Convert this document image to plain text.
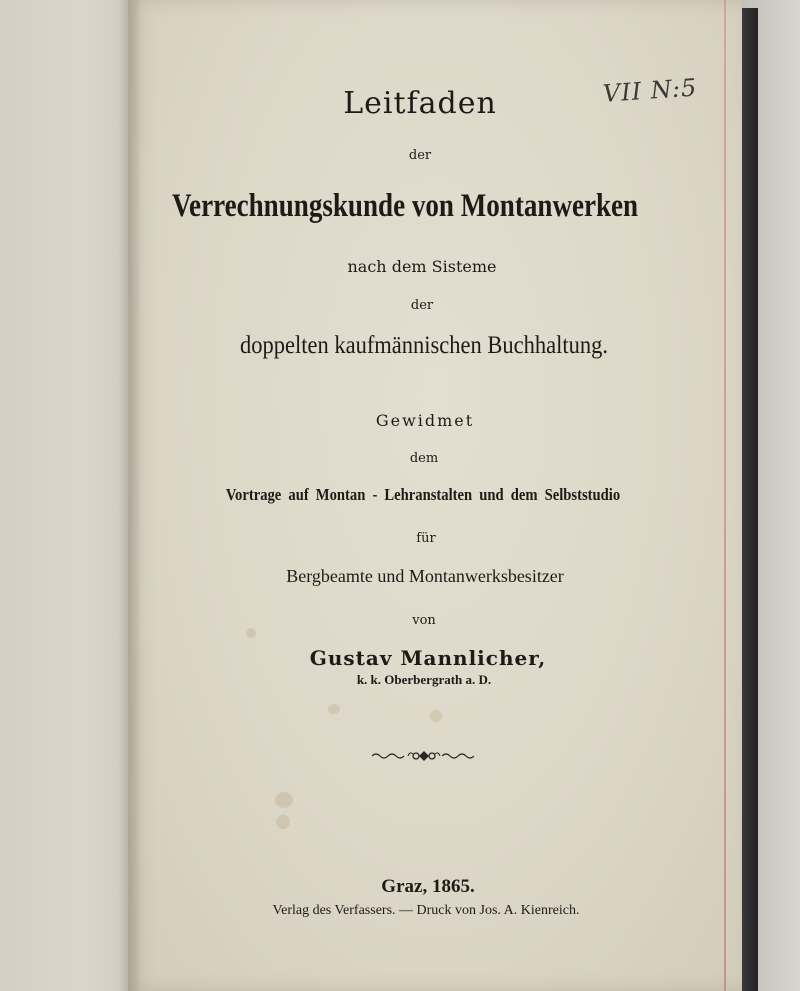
VII N:5
Leitfaden
der
Verrechnungskunde von Montanwerken
nach dem Sisteme
der
doppelten kaufmännischen Buchhaltung.
Gewidmet
dem
Vortrage auf Montan - Lehranstalten und dem Selbststudio
für
Bergbeamte und Montanwerksbesitzer
von
Gustav Mannlicher,
k. k. Oberbergrath a. D.
Graz, 1865.
Verlag des Verfassers. — Druck von Jos. A. Kienreich.
